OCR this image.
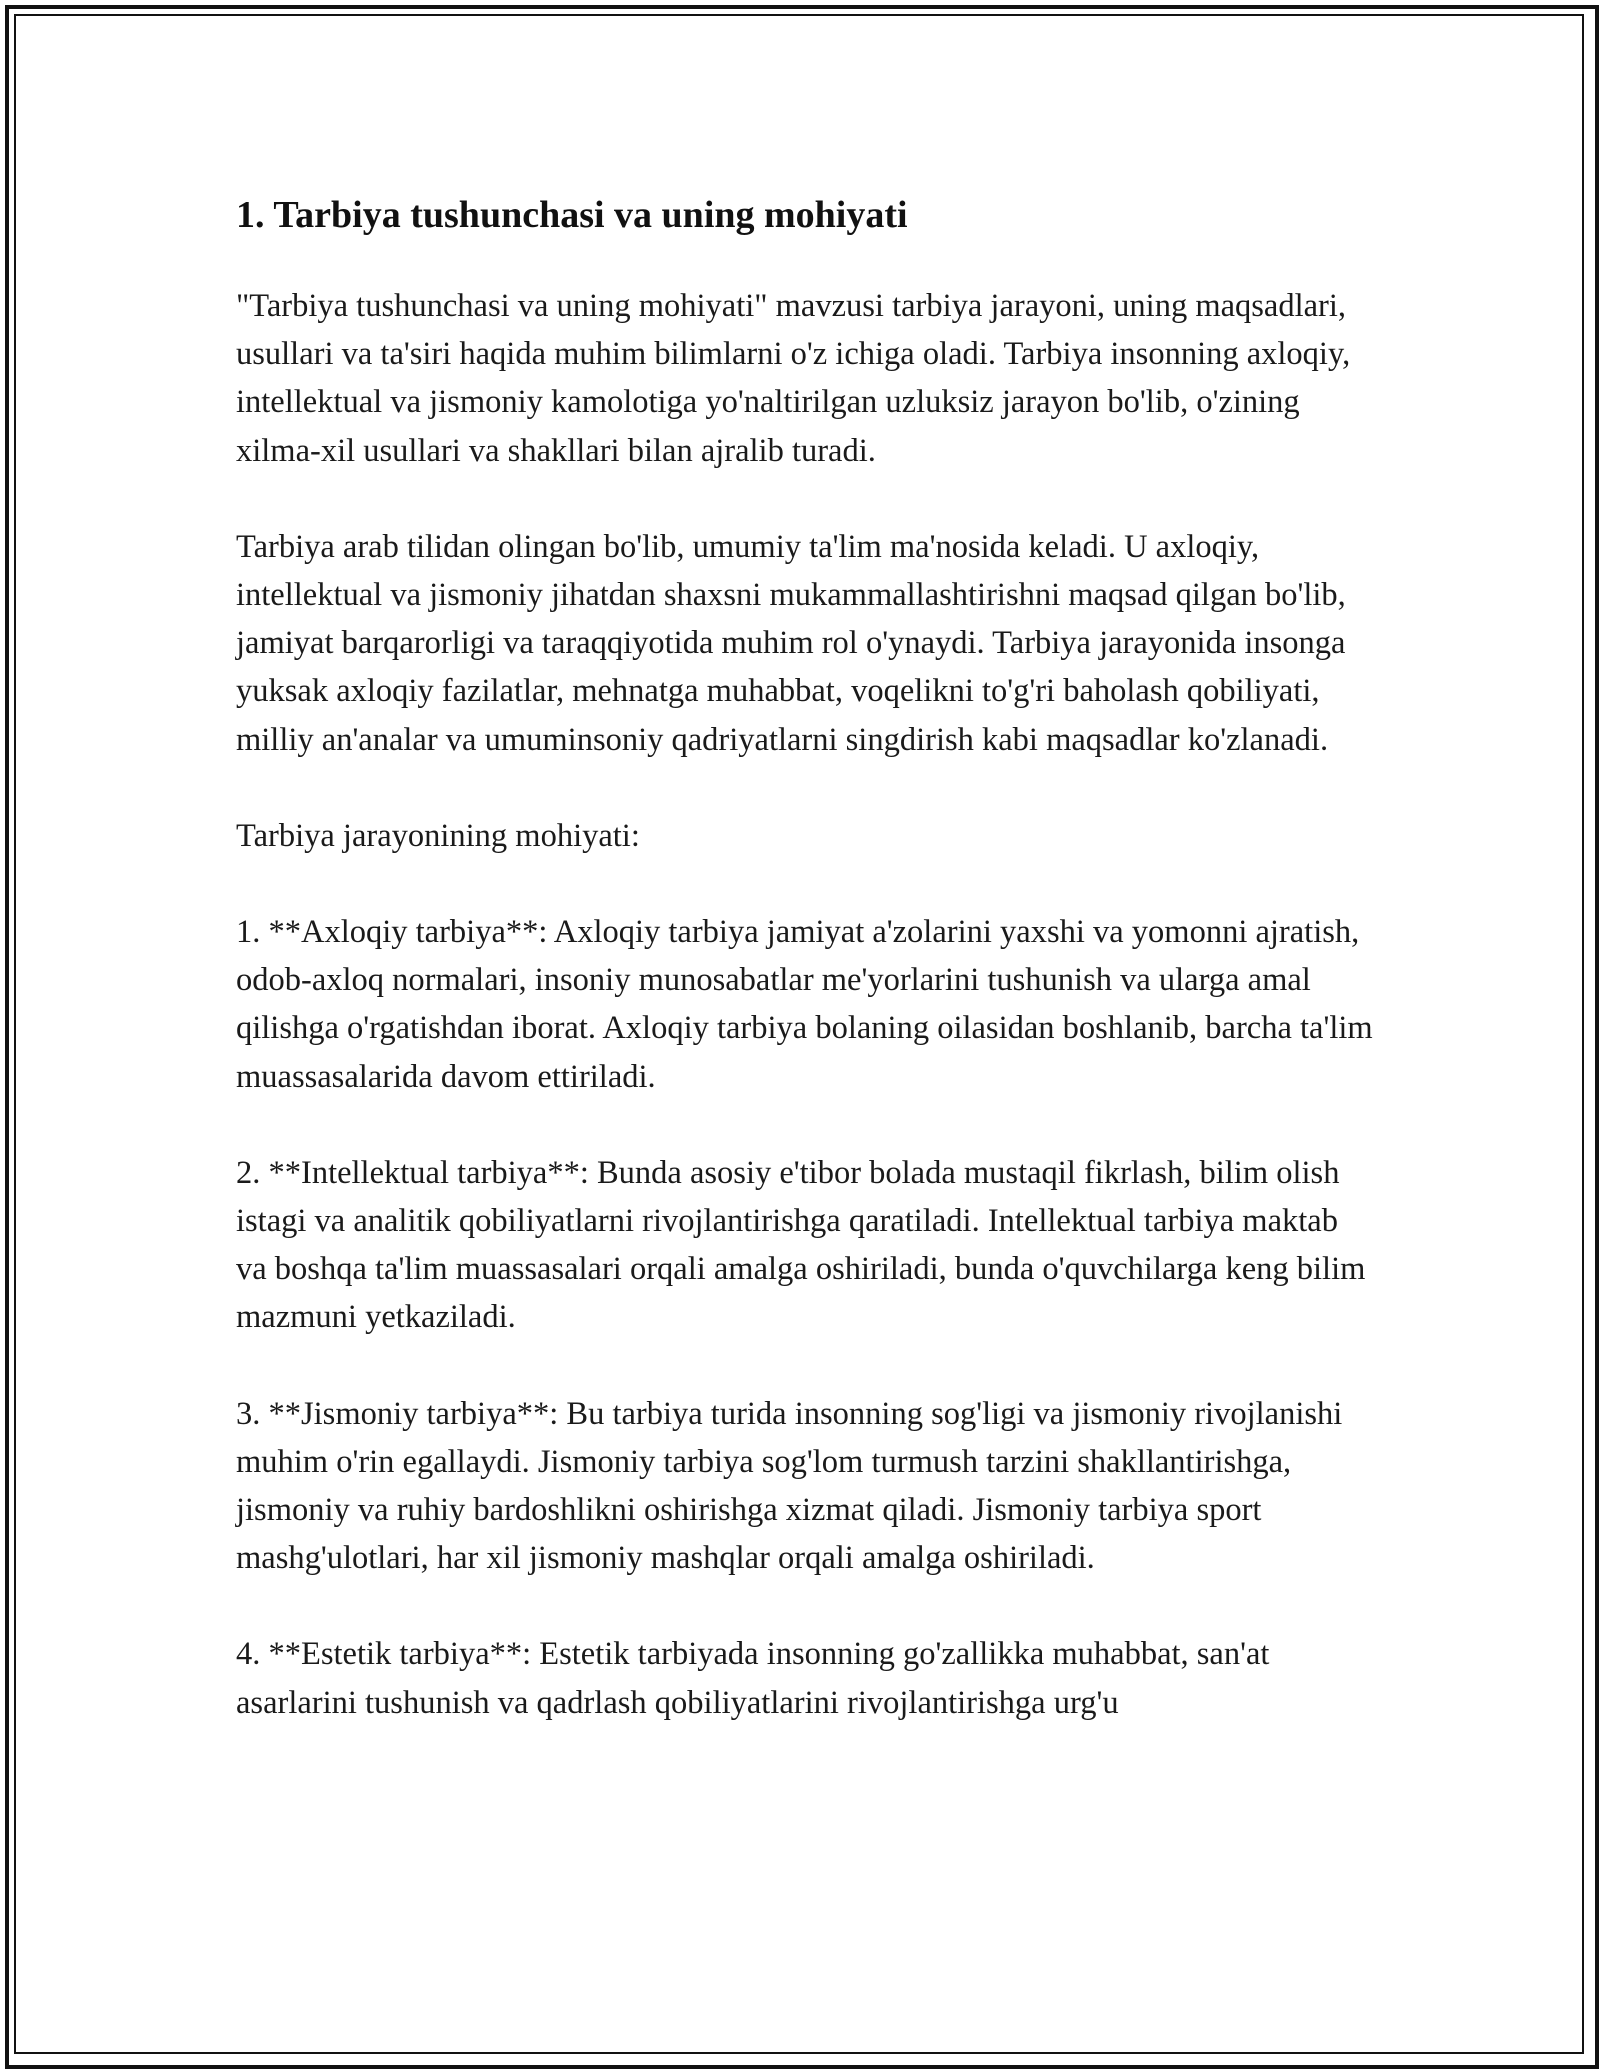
1. Tarbiya tushunchasi va uning mohiyati

"Tarbiya tushunchasi va uning mohiyati" mavzusi tarbiya jarayoni, uning maqsadlari, usullari va ta'siri haqida muhim bilimlarni o'z ichiga oladi. Tarbiya insonning axloqiy, intellektual va jismoniy kamolotiga yo'naltirilgan uzluksiz jarayon bo'lib, o'zining xilma-xil usullari va shakllari bilan ajralib turadi.

Tarbiya arab tilidan olingan bo'lib, umumiy ta'lim ma'nosida keladi. U axloqiy, intellektual va jismoniy jihatdan shaxsni mukammallashtirishni maqsad qilgan bo'lib, jamiyat barqarorligi va taraqqiyotida muhim rol o'ynaydi. Tarbiya jarayonida insonga yuksak axloqiy fazilatlar, mehnatga muhabbat, voqelikni to'g'ri baholash qobiliyati, milliy an'analar va umuminsoniy qadriyatlarni singdirish kabi maqsadlar ko'zlanadi.

Tarbiya jarayonining mohiyati:

1. **Axloqiy tarbiya**: Axloqiy tarbiya jamiyat a'zolarini yaxshi va yomonni ajratish, odob-axloq normalari, insoniy munosabatlar me'yorlarini tushunish va ularga amal qilishga o'rgatishdan iborat. Axloqiy tarbiya bolaning oilasidan boshlanib, barcha ta'lim muassasalarida davom ettiriladi.

2. **Intellektual tarbiya**: Bunda asosiy e'tibor bolada mustaqil fikrlash, bilim olish istagi va analitik qobiliyatlarni rivojlantirishga qaratiladi. Intellektual tarbiya maktab va boshqa ta'lim muassasalari orqali amalga oshiriladi, bunda o'quvchilarga keng bilim mazmuni yetkaziladi.

3. **Jismoniy tarbiya**: Bu tarbiya turida insonning sog'ligi va jismoniy rivojlanishi muhim o'rin egallaydi. Jismoniy tarbiya sog'lom turmush tarzini shakllantirishga, jismoniy va ruhiy bardoshlikni oshirishga xizmat qiladi. Jismoniy tarbiya sport mashg'ulotlari, har xil jismoniy mashqlar orqali amalga oshiriladi.

4. **Estetik tarbiya**: Estetik tarbiyada insonning go'zallikka muhabbat, san'at asarlarini tushunish va qadrlash qobiliyatlarini rivojlantirishga urg'u
